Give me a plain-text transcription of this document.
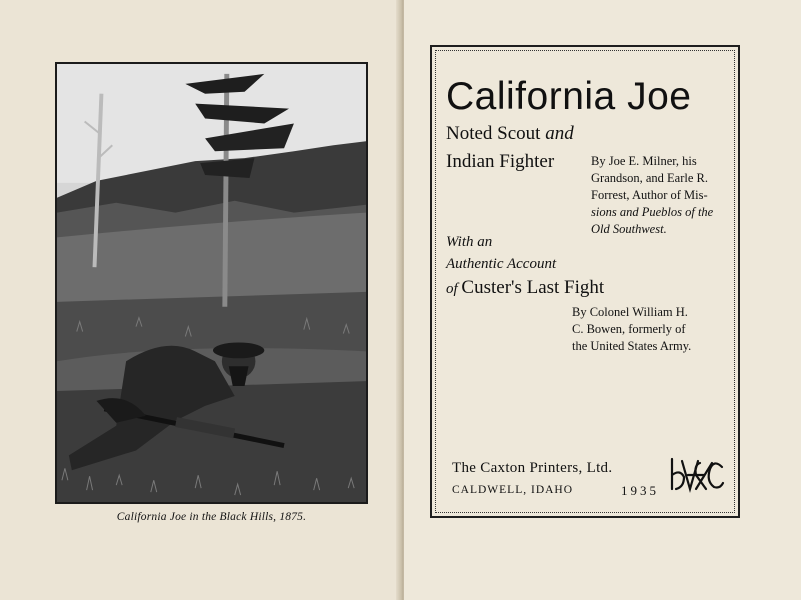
California Joe in the Black Hills, 1875.
California Joe
Noted Scout and
Indian Fighter	By Joe E. Milner, his
Grandson, and Earle R.
Forrest, Author of Mis-
sions and Pueblos of the
Old Southwest.
With an
Authentic Account
of Custer's Last Fight
By Colonel William H.
C. Bowen, formerly of
the United States Army.
The Caxton Printers, Ltd.
CALDWELL, IDAHO	1935
